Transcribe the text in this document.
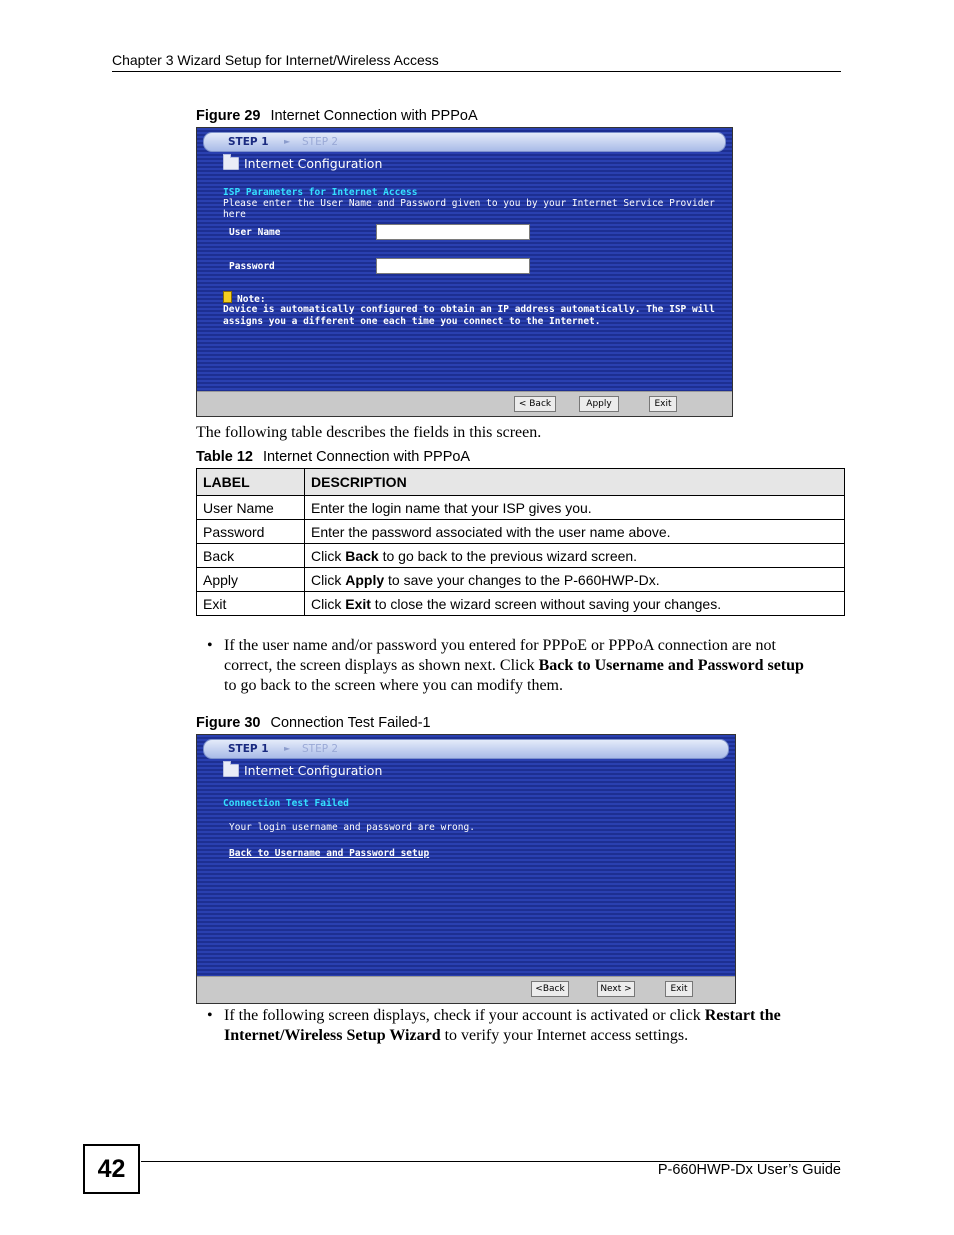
Chapter 3 Wizard Setup for Internet/Wireless Access
Figure 29 Internet Connection with PPPoA
STEP 1 ► STEP 2
Internet Configuration
ISP Parameters for Internet Access
Please enter the User Name and Password given to you by your Internet Service Provider here
User Name
Password
Note:
Device is automatically configured to obtain an IP address automatically. The ISP will
assigns you a different one each time you connect to the Internet.
< Back	Apply	Exit
The following table describes the fields in this screen.
Table 12 Internet Connection with PPPoA
LABEL	DESCRIPTION
User Name	Enter the login name that your ISP gives you.
Password	Enter the password associated with the user name above.
Back	Click Back to go back to the previous wizard screen.
Apply	Click Apply to save your changes to the P-660HWP-Dx.
Exit	Click Exit to close the wizard screen without saving your changes.
• If the user name and/or password you entered for PPPoE or PPPoA connection are not
correct, the screen displays as shown next. Click Back to Username and Password setup
to go back to the screen where you can modify them.
Figure 30 Connection Test Failed-1
STEP 1 ► STEP 2
Internet Configuration
Connection Test Failed
Your login username and password are wrong.
Back to Username and Password setup
<Back	Next >	Exit
• If the following screen displays, check if your account is activated or click Restart the
Internet/Wireless Setup Wizard to verify your Internet access settings.
42	P-660HWP-Dx User’s Guide
